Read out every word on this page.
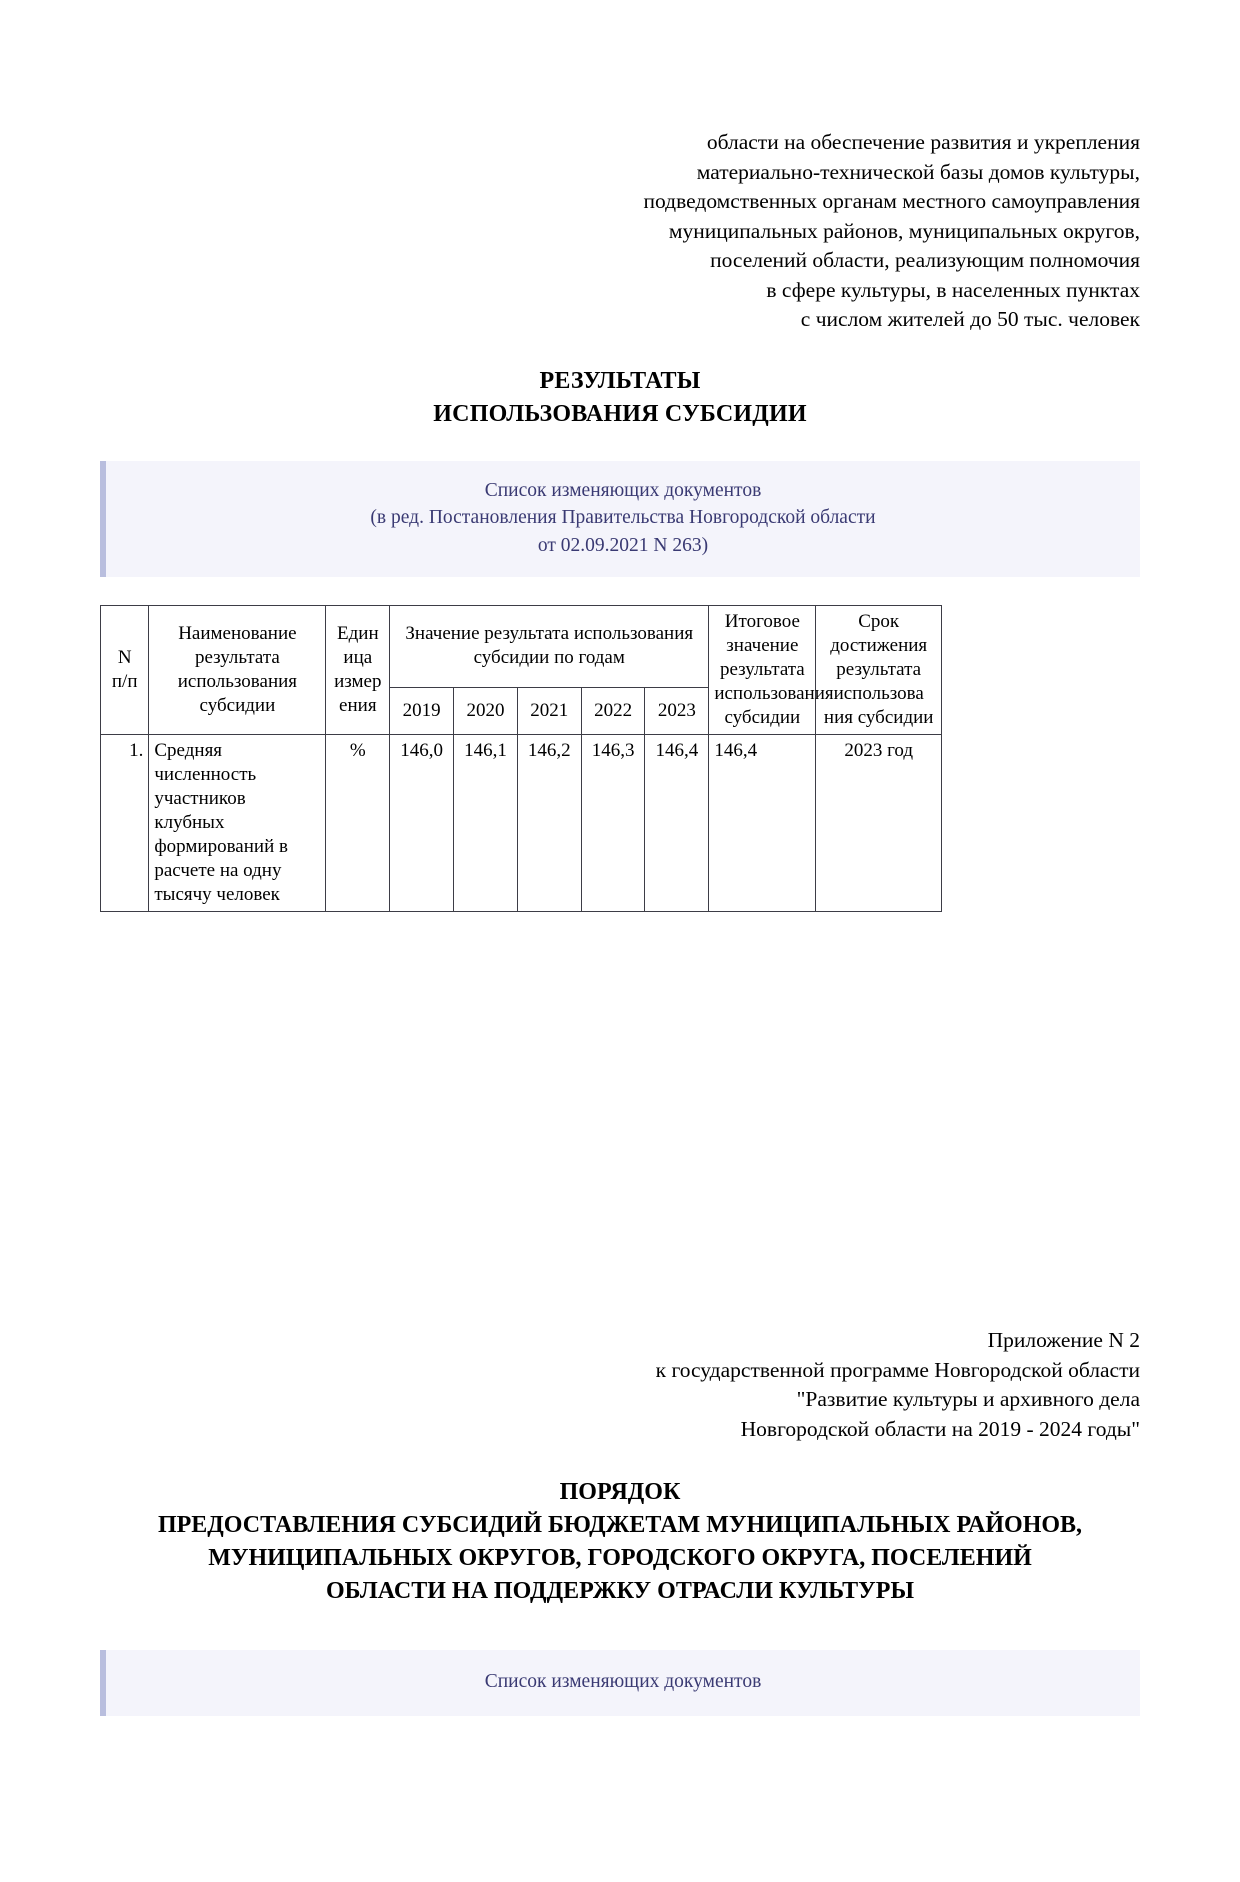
области на обеспечение развития и укрепления
материально-технической базы домов культуры,
подведомственных органам местного самоуправления
муниципальных районов, муниципальных округов,
поселений области, реализующим полномочия
в сфере культуры, в населенных пунктах
с числом жителей до 50 тыс. человек
РЕЗУЛЬТАТЫ
ИСПОЛЬЗОВАНИЯ СУБСИДИИ
Список изменяющих документов
(в ред. Постановления Правительства Новгородской области
от 02.09.2021 N 263)
N
п/п	Наименование результата использования субсидии	Един ица измер ения	Значение результата использования субсидии по годам					Итоговое значение результата использования субсидии	Срок достижения результата использова ния субсидии
			2019	2020	2021	2022	2023		
1.	Средняя численность участников клубных формирований в расчете на одну тысячу человек	%	146,0	146,1	146,2	146,3	146,4	146,4	2023 год
Приложение N 2
к государственной программе Новгородской области
"Развитие культуры и архивного дела
Новгородской области на 2019 - 2024 годы"
ПОРЯДОК
ПРЕДОСТАВЛЕНИЯ СУБСИДИЙ БЮДЖЕТАМ МУНИЦИПАЛЬНЫХ РАЙОНОВ,
МУНИЦИПАЛЬНЫХ ОКРУГОВ, ГОРОДСКОГО ОКРУГА, ПОСЕЛЕНИЙ
ОБЛАСТИ НА ПОДДЕРЖКУ ОТРАСЛИ КУЛЬТУРЫ
Список изменяющих документов
